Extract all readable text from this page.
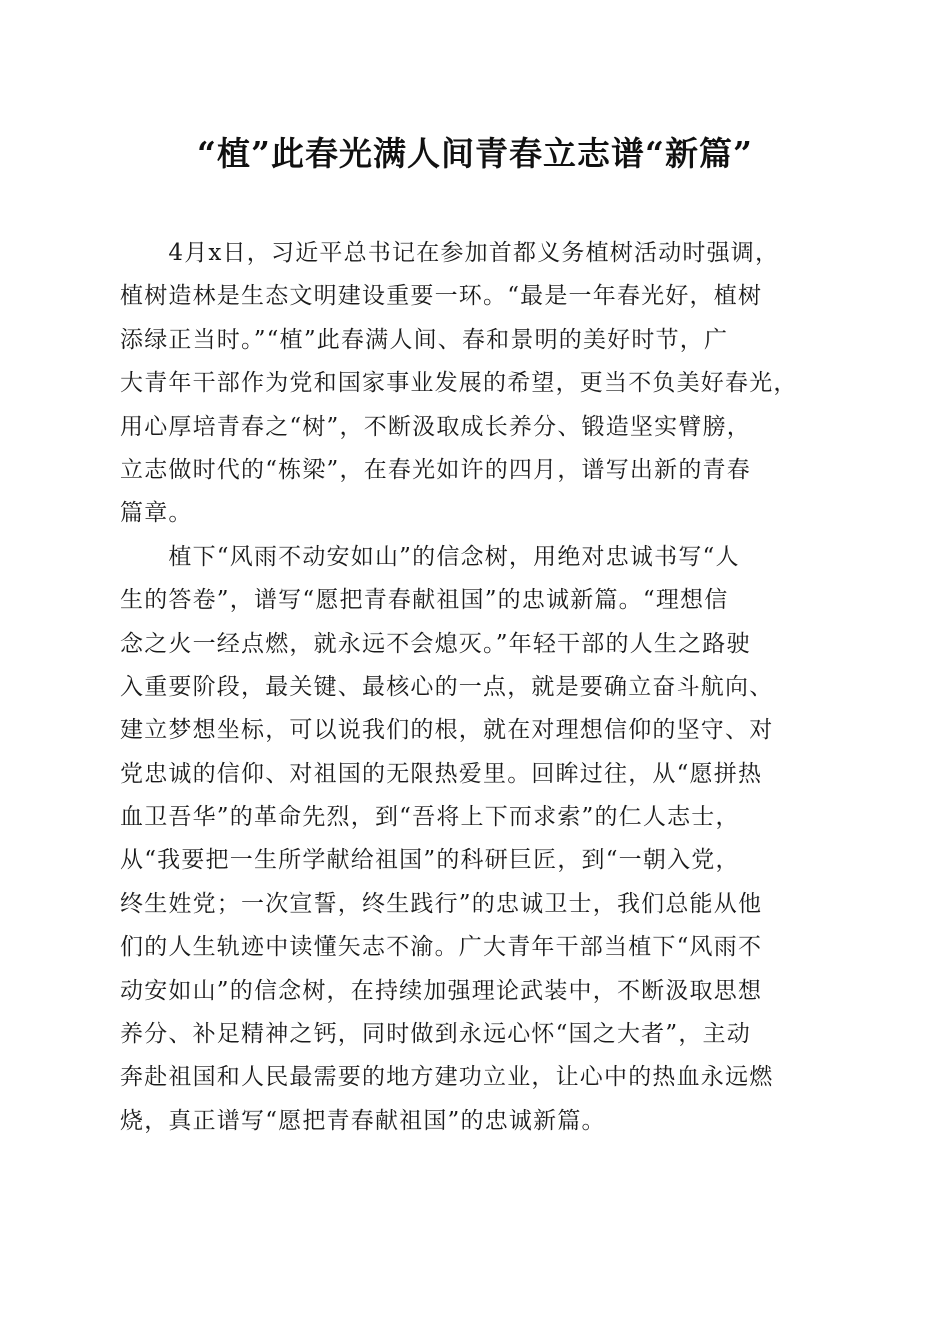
“植”此春光满人间青春立志谱“新篇”
　　4月x日，习近平总书记在参加首都义务植树活动时强调，
植树造林是生态文明建设重要一环。“最是一年春光好，植树
添绿正当时。”“植”此春满人间、春和景明的美好时节，广
大青年干部作为党和国家事业发展的希望，更当不负美好春光，
用心厚培青春之“树”，不断汲取成长养分、锻造坚实臂膀，
立志做时代的“栋梁”，在春光如许的四月，谱写出新的青春
篇章。
　　植下“风雨不动安如山”的信念树，用绝对忠诚书写“人
生的答卷”，谱写“愿把青春献祖国”的忠诚新篇。“理想信
念之火一经点燃，就永远不会熄灭。”年轻干部的人生之路驶
入重要阶段，最关键、最核心的一点，就是要确立奋斗航向、
建立梦想坐标，可以说我们的根，就在对理想信仰的坚守、对
党忠诚的信仰、对祖国的无限热爱里。回眸过往，从“愿拼热
血卫吾华”的革命先烈，到“吾将上下而求索”的仁人志士，
从“我要把一生所学献给祖国”的科研巨匠，到“一朝入党，
终生姓党；一次宣誓，终生践行”的忠诚卫士，我们总能从他
们的人生轨迹中读懂矢志不渝。广大青年干部当植下“风雨不
动安如山”的信念树，在持续加强理论武装中，不断汲取思想
养分、补足精神之钙，同时做到永远心怀“国之大者”，主动
奔赴祖国和人民最需要的地方建功立业，让心中的热血永远燃
烧，真正谱写“愿把青春献祖国”的忠诚新篇。
